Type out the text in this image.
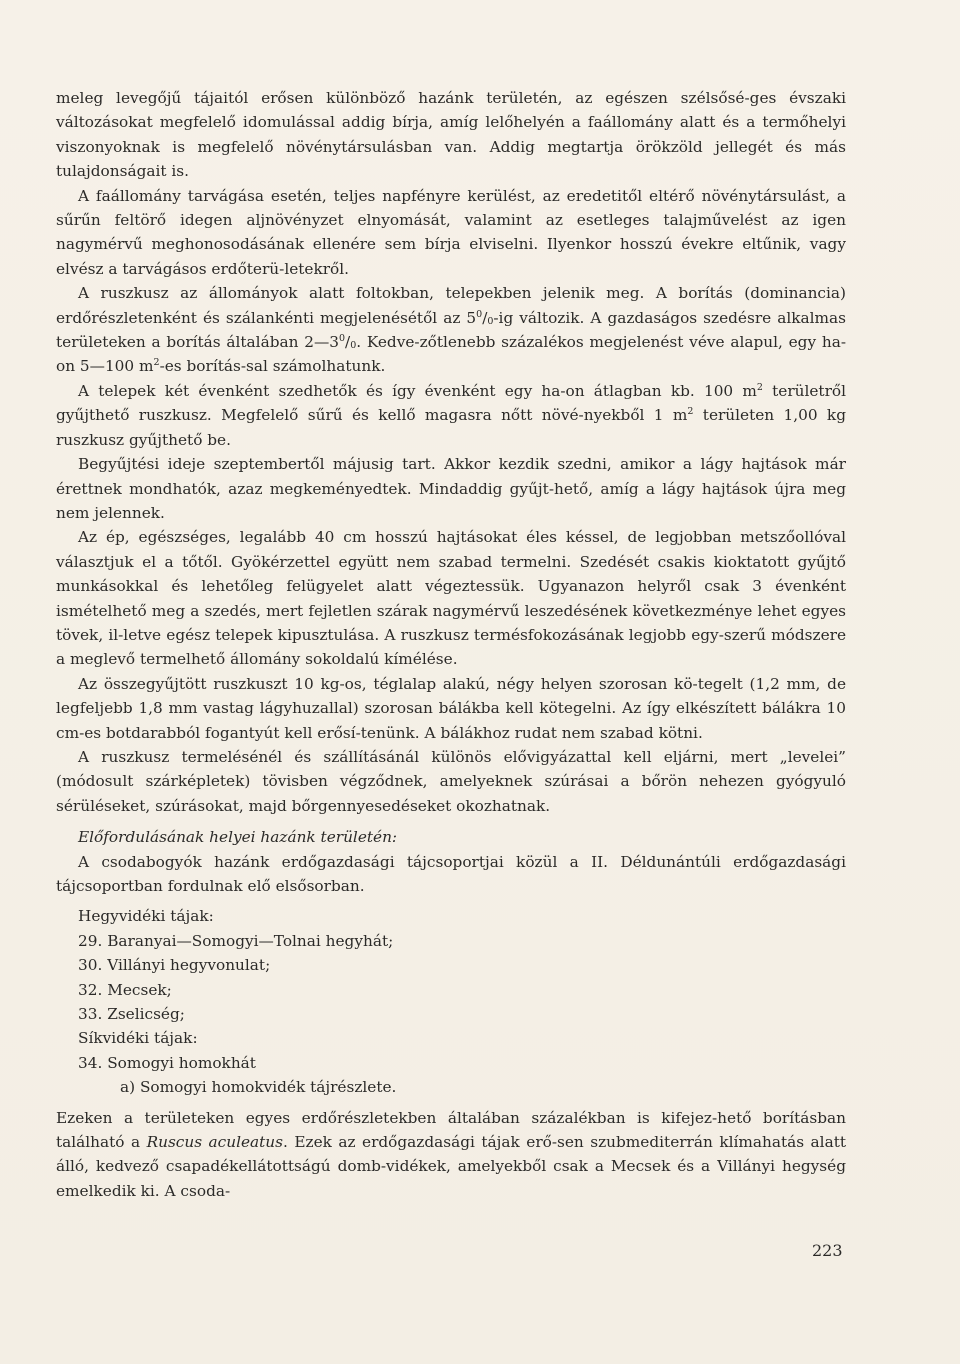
meleg levegőjű tájaitól erősen különböző hazánk területén, az egészen szélsősé-ges évszaki változásokat megfelelő idomulással addig bírja, amíg lelőhelyén a faállomány alatt és a termőhelyi viszonyoknak is megfelelő növénytársulásban van. Addig megtartja örökzöld jellegét és más tulajdonságait is.

A faállomány tarvágása esetén, teljes napfényre kerülést, az eredetitől eltérő növénytársulást, a sűrűn feltörő idegen aljnövényzet elnyomását, valamint az esetleges talajművelést az igen nagymérvű meghonosodásának ellenére sem bírja elviselni. Ilyenkor hosszú évekre eltűnik, vagy elvész a tarvágásos erdőterü-letekről.

A ruszkusz az állományok alatt foltokban, telepekben jelenik meg. A borítás (dominancia) erdőrészletenként és szálankénti megjelenésétől az $5^0/_0-ig$ változik. A gazdaságos szedésre alkalmas területeken a borítás általában $2—3^0/_0$. Kedve-zőtlenebb százalékos megjelenést véve alapul, egy ha-on 5—100 $m^2-es$ borítás-sal számolhatunk.

A telepek két évenként szedhetők és így évenként egy ha-on átlagban kb. 100 $m^2$ területről gyűjthető ruszkusz. Megfelelő sűrű és kellő magasra nőtt növé-nyekből 1 $m^2$ területen 1,00 kg ruszkusz gyűjthető be.

Begyűjtési ideje szeptembertől májusig tart. Akkor kezdik szedni, amikor a lágy hajtások már érettnek mondhatók, azaz megkeményedtek. Mindaddig gyűjt-hető, amíg a lágy hajtások újra meg nem jelennek.

Az ép, egészséges, legalább 40 cm hosszú hajtásokat éles késsel, de legjobban metszőollóval választjuk el a tőtől. Gyökérzettel együtt nem szabad termelni. Szedését csakis kioktatott gyűjtő munkásokkal és lehetőleg felügyelet alatt végeztessük. Ugyanazon helyről csak 3 évenként ismételhető meg a szedés, mert fejletlen szárak nagymérvű leszedésének következménye lehet egyes tövek, il-letve egész telepek kipusztulása. A ruszkusz termésfokozásának legjobb egy-szerű módszere a meglevő termelhető állomány sokoldalú kímélése.

Az összegyűjtött ruszkuszt 10 kg-os, téglalap alakú, négy helyen szorosan kö-tegelt (1,2 mm, de legfeljebb 1,8 mm vastag lágyhuzallal) szorosan bálákba kell kötegelni. Az így elkészített bálákra 10 cm-es botdarabból fogantyút kell erősí-tenünk. A bálákhoz rudat nem szabad kötni.

A ruszkusz termelésénél és szállításánál különös elővigyázattal kell eljárni, mert „levelei” (módosult szárképletek) tövisben végződnek, amelyeknek szúrásai a bőrön nehezen gyógyuló sérüléseket, szúrásokat, majd bőrgennyesedéseket okozhatnak.

Előfordulásának helyei hazánk területén:

A csodabogyók hazánk erdőgazdasági tájcsoportjai közül a II. Déldunántúli erdőgazdasági tájcsoportban fordulnak elő elsősorban.

Hegyvidéki tájak:

29. Baranyai—Somogyi—Tolnai hegyhát;

30. Villányi hegyvonulat;

32. Mecsek;

33. Zselicség;

Síkvidéki tájak:

34. Somogyi homokhát

a) Somogyi homokvidék tájrészlete.

Ezeken a területeken egyes erdőrészletekben általában százalékban is kifejez-hető borításban található a Ruscus aculeatus. Ezek az erdőgazdasági tájak erő-sen szubmediterrán klímahatás alatt álló, kedvező csapadékellátottságú domb-vidékek, amelyekből csak a Mecsek és a Villányi hegység emelkedik ki. A csoda-

223
